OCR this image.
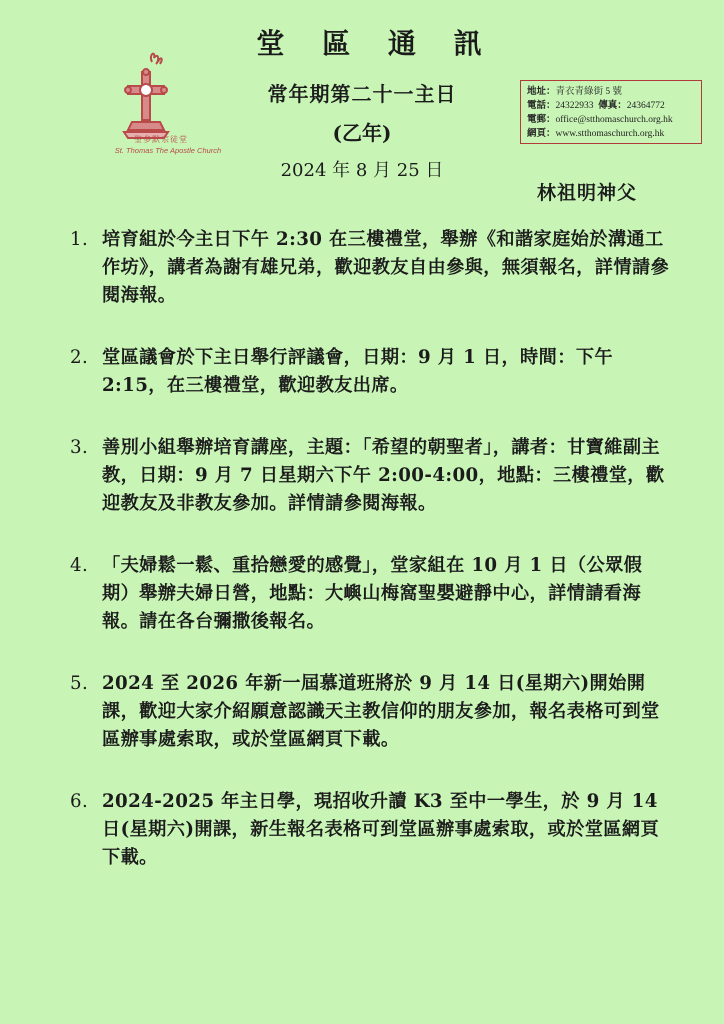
聖多默宗徒堂
St. Thomas The Apostle Church
堂 區 通 訊
常年期第二十一主日
(乙年)
2024 年 8 月 25 日
林祖明神父
地址：青衣青綠街 5 號
電話：24322933 傳真：24364772
電郵：office@stthomaschurch.org.hk
網頁：www.stthomaschurch.org.hk
1. 培育組於今主日下午 2:30 在三樓禮堂，舉辦《和諧家庭始於溝通工作坊》，講者為謝有雄兄弟，歡迎教友自由參與，無須報名，詳情請參閱海報。
2. 堂區議會於下主日舉行評議會，日期：9 月 1 日，時間：下午 2:15，在三樓禮堂，歡迎教友出席。
3. 善別小組舉辦培育講座，主題：「希望的朝聖者」，講者：甘寶維副主教，日期：9 月 7 日星期六下午 2:00-4:00，地點：三樓禮堂，歡迎教友及非教友參加。詳情請參閱海報。
4. 「夫婦鬆一鬆、重拾戀愛的感覺」，堂家組在 10 月 1 日（公眾假期）舉辦夫婦日營，地點：大嶼山梅窩聖嬰避靜中心，詳情請看海報。請在各台彌撒後報名。
5. 2024 至 2026 年新一屆慕道班將於 9 月 14 日(星期六)開始開課，歡迎大家介紹願意認識天主教信仰的朋友參加，報名表格可到堂區辦事處索取，或於堂區網頁下載。
6. 2024-2025 年主日學，現招收升讀 K3 至中一學生，於 9 月 14 日(星期六)開課，新生報名表格可到堂區辦事處索取，或於堂區網頁下載。
